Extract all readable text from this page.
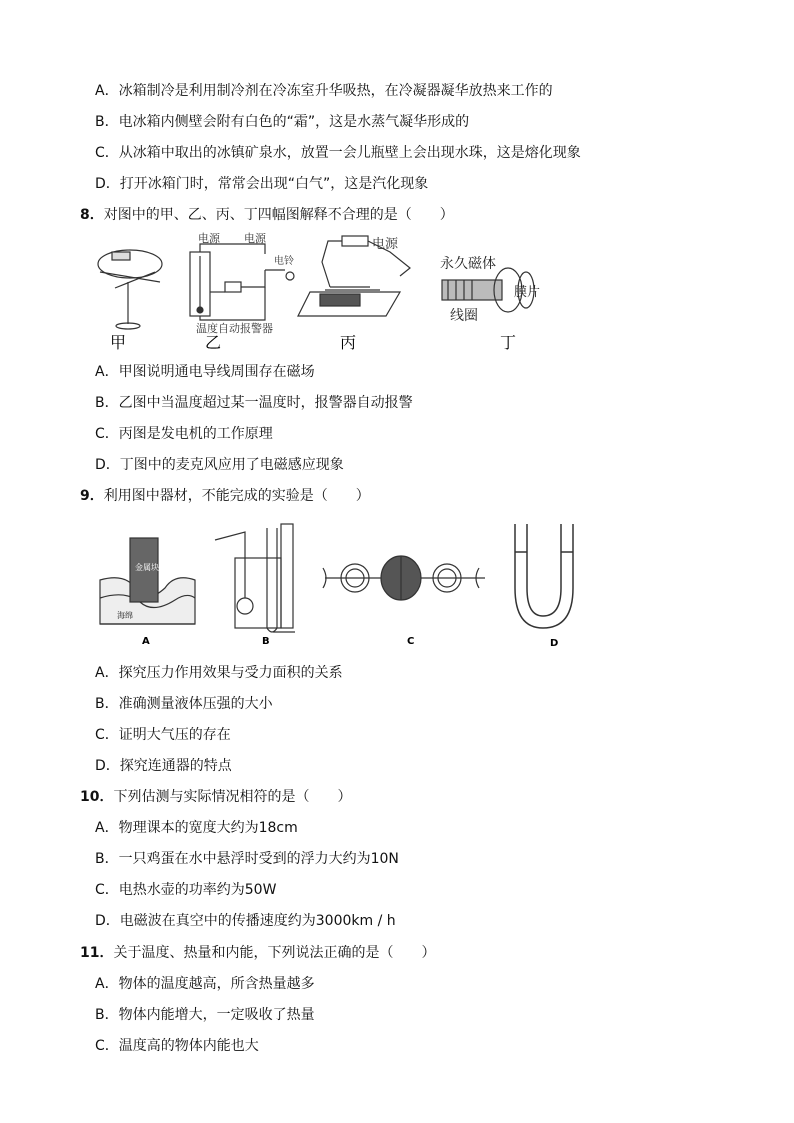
A．冰箱制冷是利用制冷剂在冷冻室升华吸热，在冷凝器凝华放热来工作的
B．电冰箱内侧壁会附有白色的“霜”，这是水蒸气凝华形成的
C．从冰箱中取出的冰镇矿泉水，放置一会儿瓶壁上会出现水珠，这是熔化现象
D．打开冰箱门时，常常会出现“白气”，这是汽化现象
8．对图中的甲、乙、丙、丁四幅图解释不合理的是（　　）
电源 电源
电铃
温度自动报警器
电源
永久磁体
线圈
膜片
甲	乙	丙	丁
A．甲图说明通电导线周围存在磁场
B．乙图中当温度超过某一温度时，报警器自动报警
C．丙图是发电机的工作原理
D．丁图中的麦克风应用了电磁感应现象
9．利用图中器材，不能完成的实验是（　　）
金属块
海绵
A	B	C	D
A．探究压力作用效果与受力面积的关系
B．准确测量液体压强的大小
C．证明大气压的存在
D．探究连通器的特点
10．下列估测与实际情况相符的是（　　）
A．物理课本的宽度大约为18cm
B．一只鸡蛋在水中悬浮时受到的浮力大约为10N
C．电热水壶的功率约为50W
D．电磁波在真空中的传播速度约为3000km / h
11．关于温度、热量和内能，下列说法正确的是（　　）
A．物体的温度越高，所含热量越多
B．物体内能增大，一定吸收了热量
C．温度高的物体内能也大
